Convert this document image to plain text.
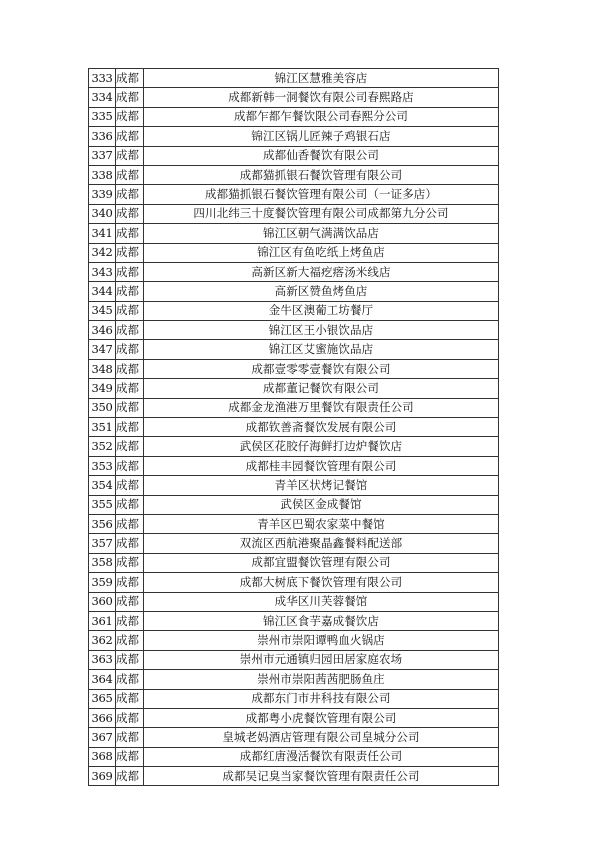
333	成都	锦江区慧雅美容店
334	成都	成都新韩一洞餐饮有限公司春熙路店
335	成都	成都乍都乍餐饮限公司春熙分公司
336	成都	锦江区锅儿匠辣子鸡银石店
337	成都	成都仙香餐饮有限公司
338	成都	成都猫抓银石餐饮管理有限公司
339	成都	成都猫抓银石餐饮管理有限公司（一证多店）
340	成都	四川北纬三十度餐饮管理有限公司成都第九分公司
341	成都	锦江区朝气满满饮品店
342	成都	锦江区有鱼吃纸上烤鱼店
343	成都	高新区新大福疙瘩汤米线店
344	成都	高新区赞鱼烤鱼店
345	成都	金牛区澳葡工坊餐厅
346	成都	锦江区王小银饮品店
347	成都	锦江区艾蜜施饮品店
348	成都	成都壹零零壹餐饮有限公司
349	成都	成都董记餐饮有限公司
350	成都	成都金龙渔港万里餐饮有限责任公司
351	成都	成都钦善斋餐饮发展有限公司
352	成都	武侯区花胶仔海鲜打边炉餐饮店
353	成都	成都桂丰园餐饮管理有限公司
354	成都	青羊区状烤记餐馆
355	成都	武侯区金成餐馆
356	成都	青羊区巴蜀农家菜中餐馆
357	成都	双流区西航港聚晶鑫餐料配送部
358	成都	成都宜盟餐饮管理有限公司
359	成都	成都大树底下餐饮管理有限公司
360	成都	成华区川芙蓉餐馆
361	成都	锦江区食芋嘉成餐饮店
362	成都	崇州市崇阳谭鸭血火锅店
363	成都	崇州市元通镇归园田居家庭农场
364	成都	崇州市崇阳茜茜肥肠鱼庄
365	成都	成都东门市井科技有限公司
366	成都	成都粤小虎餐饮管理有限公司
367	成都	皇城老妈酒店管理有限公司皇城分公司
368	成都	成都红唐漫活餐饮有限责任公司
369	成都	成都吴记臭当家餐饮管理有限责任公司
